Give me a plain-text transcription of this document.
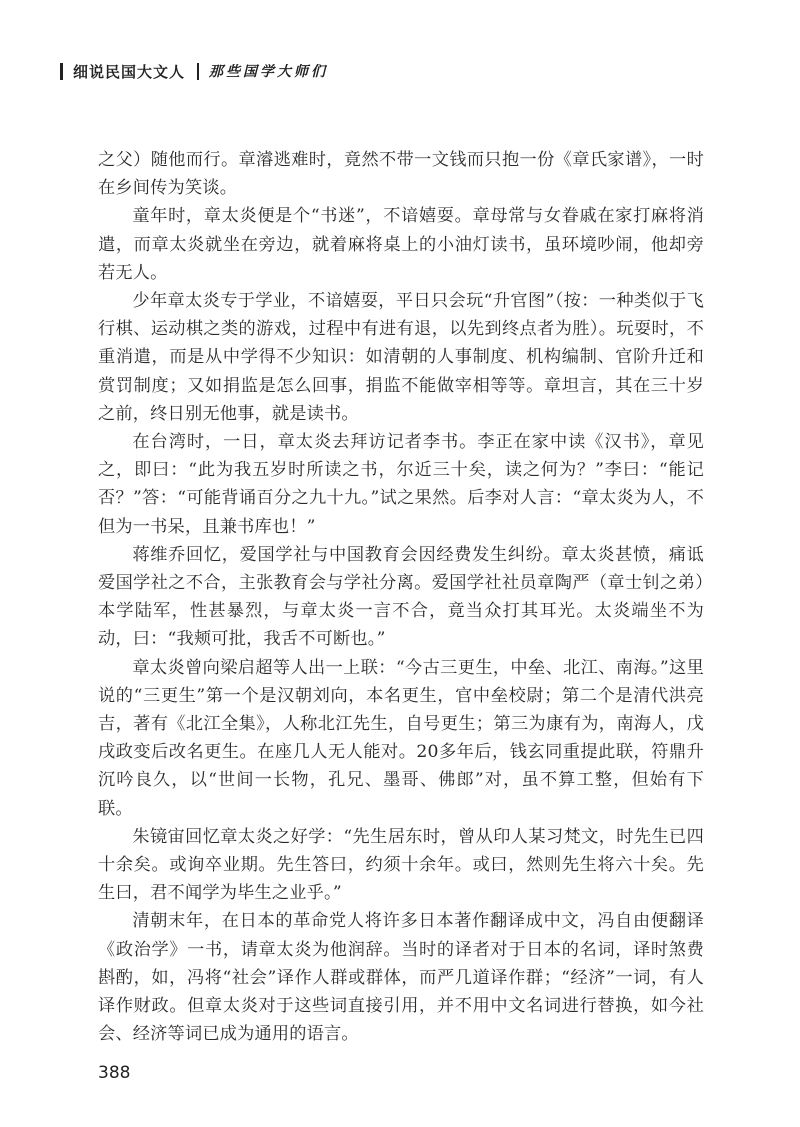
细说民国大文人 那些国学大师们

之父）随他而行。章濬逃难时，竟然不带一文钱而只抱一份《章氏家谱》，一时在乡间传为笑谈。

童年时，章太炎便是个“书迷”，不谙嬉耍。章母常与女眷戚在家打麻将消遣，而章太炎就坐在旁边，就着麻将桌上的小油灯读书，虽环境吵闹，他却旁若无人。

少年章太炎专于学业，不谙嬉耍，平日只会玩“升官图”（按：一种类似于飞行棋、运动棋之类的游戏，过程中有进有退，以先到终点者为胜）。玩耍时，不重消遣，而是从中学得不少知识：如清朝的人事制度、机构编制、官阶升迁和赏罚制度；又如捐监是怎么回事，捐监不能做宰相等等。章坦言，其在三十岁之前，终日别无他事，就是读书。

在台湾时，一日，章太炎去拜访记者李书。李正在家中读《汉书》，章见之，即曰：“此为我五岁时所读之书，尔近三十矣，读之何为？”李曰：“能记否？”答：“可能背诵百分之九十九。”试之果然。后李对人言：“章太炎为人，不但为一书呆，且兼书库也！”

蒋维乔回忆，爱国学社与中国教育会因经费发生纠纷。章太炎甚愤，痛诋爱国学社之不合，主张教育会与学社分离。爱国学社社员章陶严（章士钊之弟）本学陆军，性甚暴烈，与章太炎一言不合，竟当众打其耳光。太炎端坐不为动，曰：“我颊可批，我舌不可断也。”

章太炎曾向梁启超等人出一上联：“今古三更生，中垒、北江、南海。”这里说的“三更生”第一个是汉朝刘向，本名更生，官中垒校尉；第二个是清代洪亮吉，著有《北江全集》，人称北江先生，自号更生；第三为康有为，南海人，戊戌政变后改名更生。在座几人无人能对。20多年后，钱玄同重提此联，符鼎升沉吟良久，以“世间一长物，孔兄、墨哥、佛郎”对，虽不算工整，但始有下联。

朱镜宙回忆章太炎之好学：“先生居东时，曾从印人某习梵文，时先生已四十余矣。或询卒业期。先生答曰，约须十余年。或曰，然则先生将六十矣。先生曰，君不闻学为毕生之业乎。”

清朝末年，在日本的革命党人将许多日本著作翻译成中文，冯自由便翻译《政治学》一书，请章太炎为他润辞。当时的译者对于日本的名词，译时煞费斟酌，如，冯将“社会”译作人群或群体，而严几道译作群；“经济”一词，有人译作财政。但章太炎对于这些词直接引用，并不用中文名词进行替换，如今社会、经济等词已成为通用的语言。

388
